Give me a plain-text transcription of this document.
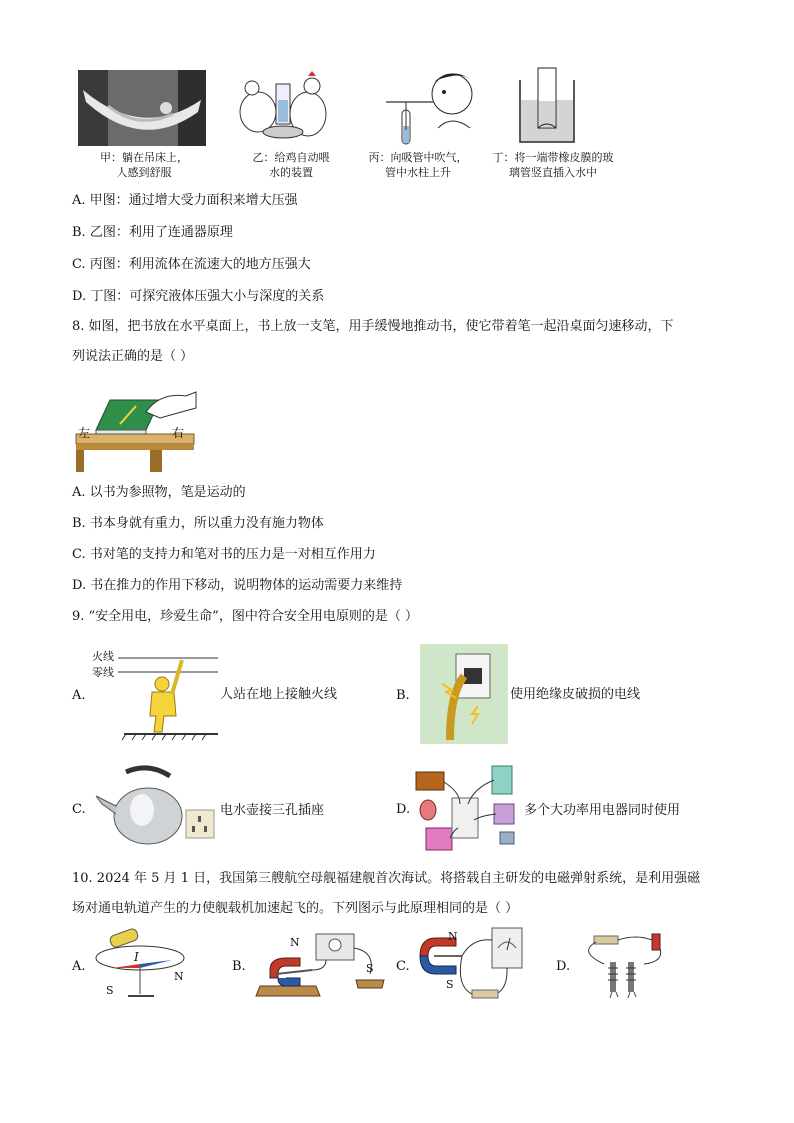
甲：躺在吊床上，
人感到舒服
乙：给鸡自动喂
水的装置
丙：向吸管中吹气，
管中水柱上升
丁：将一端带橡皮膜的玻
璃管竖直插入水中
A. 甲图：通过增大受力面积来增大压强
B. 乙图：利用了连通器原理
C. 丙图：利用流体在流速大的地方压强大
D. 丁图：可探究液体压强大小与深度的关系
8. 如图，把书放在水平桌面上，书上放一支笔，用手缓慢地推动书，使它带着笔一起沿桌面匀速移动，下
列说法正确的是（ ）
左	右
A. 以书为参照物，笔是运动的
B. 书本身就有重力，所以重力没有施力物体
C. 书对笔的支持力和笔对书的压力是一对相互作用力
D. 书在推力的作用下移动，说明物体的运动需要力来维持
9. “安全用电，珍爱生命”，图中符合安全用电原则的是（ ）
A.
火线
零线
人站在地上接触火线	B.	使用绝缘皮破损的电线
C.	电水壶接三孔插座	D.	多个大功率用电器同时使用
10. 2024 年 5 月 1 日，我国第三艘航空母舰福建舰首次海试。将搭载自主研发的电磁弹射系统，是利用强磁
场对通电轨道产生的力使舰载机加速起飞的。下列图示与此原理相同的是（ ）
A.
I
N
S
B.
N
S C.
N
S
D.
